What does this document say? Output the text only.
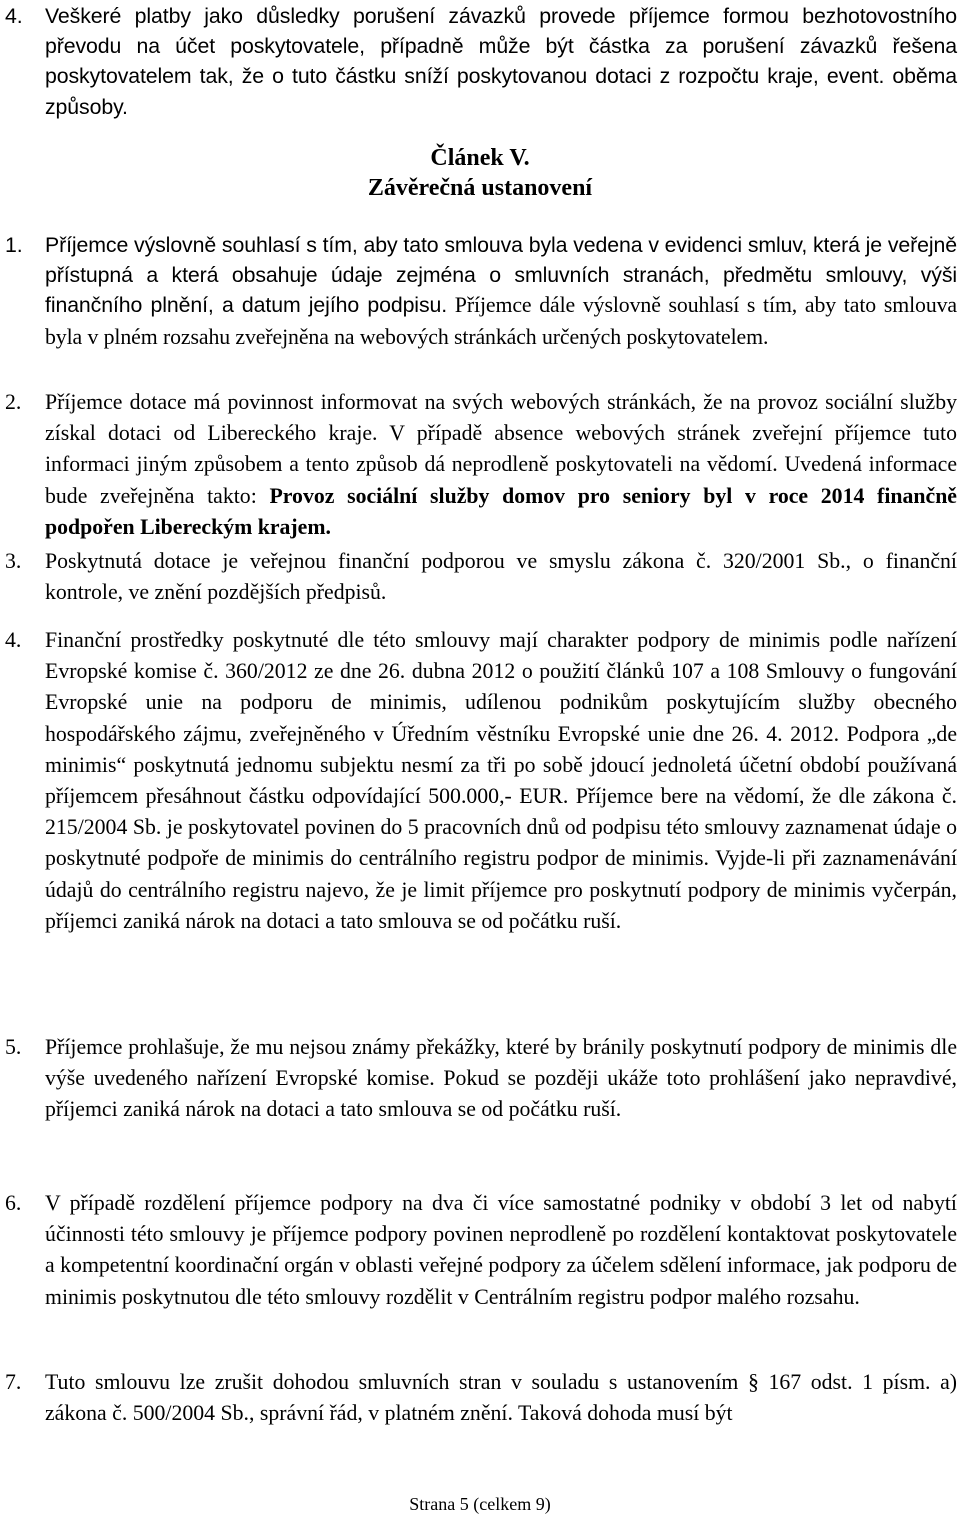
4.	Veškeré platby jako důsledky porušení závazků provede příjemce formou bezhotovostního převodu na účet poskytovatele, případně může být částka za porušení závazků řešena poskytovatelem tak, že o tuto částku sníží poskytovanou dotaci z rozpočtu kraje, event. oběma způsoby.
Článek V.
Závěrečná ustanovení
1.	Příjemce výslovně souhlasí s tím, aby tato smlouva byla vedena v evidenci smluv, která je veřejně přístupná a která obsahuje údaje zejména o smluvních stranách, předmětu smlouvy, výši finančního plnění, a datum jejího podpisu. Příjemce dále výslovně souhlasí s tím, aby tato smlouva byla v plném rozsahu zveřejněna na webových stránkách určených poskytovatelem.
2.	Příjemce dotace má povinnost informovat na svých webových stránkách, že na provoz sociální služby získal dotaci od Libereckého kraje. V případě absence webových stránek zveřejní příjemce tuto informaci jiným způsobem a tento způsob dá neprodleně poskytovateli na vědomí. Uvedená informace bude zveřejněna takto: Provoz sociální služby domov pro seniory byl v roce 2014 finančně podpořen Libereckým krajem.
3.	Poskytnutá dotace je veřejnou finanční podporou ve smyslu zákona č. 320/2001 Sb., o finanční kontrole, ve znění pozdějších předpisů.
4.	Finanční prostředky poskytnuté dle této smlouvy mají charakter podpory de minimis podle nařízení Evropské komise č. 360/2012 ze dne 26. dubna 2012 o použití článků 107 a 108 Smlouvy o fungování Evropské unie na podporu de minimis, udílenou podnikům poskytujícím služby obecného hospodářského zájmu, zveřejněného v Úředním věstníku Evropské unie dne 26. 4. 2012. Podpora „de minimis“ poskytnutá jednomu subjektu nesmí za tři po sobě jdoucí jednoletá účetní období používaná příjemcem přesáhnout částku odpovídající 500.000,- EUR. Příjemce bere na vědomí, že dle zákona č. 215/2004 Sb. je poskytovatel povinen do 5 pracovních dnů od podpisu této smlouvy zaznamenat údaje o poskytnuté podpoře de minimis do centrálního registru podpor de minimis. Vyjde-li při zaznamenávání údajů do centrálního registru najevo, že je limit příjemce pro poskytnutí podpory de minimis vyčerpán, příjemci zaniká nárok na dotaci a tato smlouva se od počátku ruší.
5.	Příjemce prohlašuje, že mu nejsou známy překážky, které by bránily poskytnutí podpory de minimis dle výše uvedeného nařízení Evropské komise. Pokud se později ukáže toto prohlášení jako nepravdivé, příjemci zaniká nárok na dotaci a tato smlouva se od počátku ruší.
6.	V případě rozdělení příjemce podpory na dva či více samostatné podniky v období 3 let od nabytí účinnosti této smlouvy je příjemce podpory povinen neprodleně po rozdělení kontaktovat poskytovatele a kompetentní koordinační orgán v oblasti veřejné podpory za účelem sdělení informace, jak podporu de minimis poskytnutou dle této smlouvy rozdělit v Centrálním registru podpor malého rozsahu.
7.	Tuto smlouvu lze zrušit dohodou smluvních stran v souladu s ustanovením § 167 odst. 1 písm. a) zákona č. 500/2004 Sb., správní řád, v platném znění. Taková dohoda musí být
Strana 5 (celkem 9)
